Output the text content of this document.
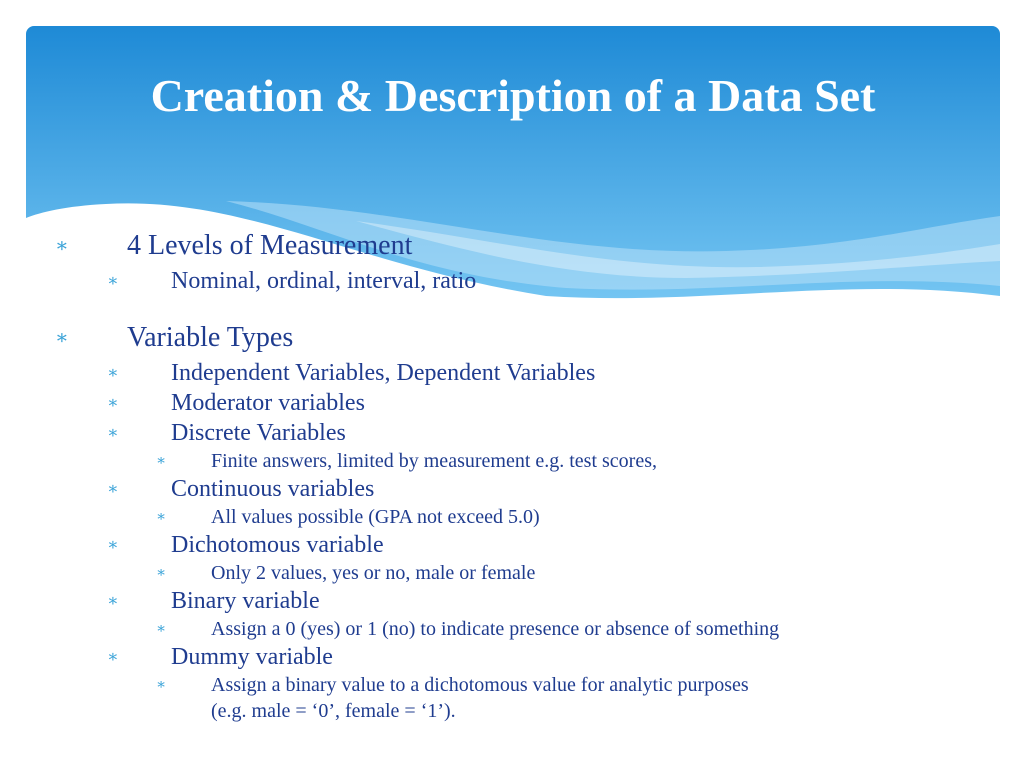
Creation & Description of a Data Set
∗ 4 Levels of Measurement
∗ Nominal, ordinal, interval, ratio
∗ Variable Types
∗ Independent Variables, Dependent Variables
∗ Moderator variables
∗ Discrete Variables
∗ Finite answers, limited by measurement e.g. test scores,
∗ Continuous variables
∗ All values possible (GPA not exceed 5.0)
∗ Dichotomous variable
∗ Only 2 values, yes or no, male or female
∗ Binary variable
∗ Assign a 0 (yes) or 1 (no) to indicate presence or absence of something
∗ Dummy variable
∗ Assign a binary value to a dichotomous value for analytic purposes
(e.g. male = ‘0’, female = ‘1’).
